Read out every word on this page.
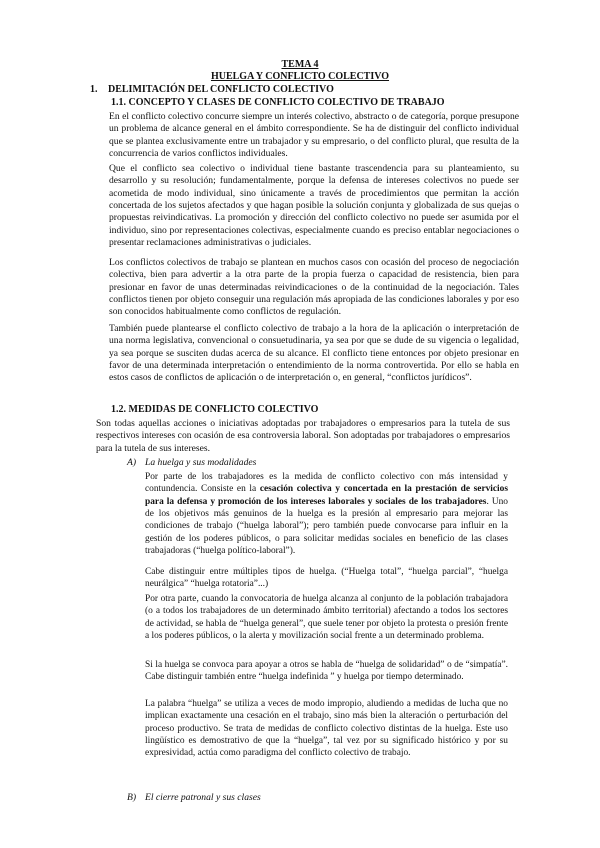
TEMA 4
HUELGA Y CONFLICTO COLECTIVO
1. DELIMITACIÓN DEL CONFLICTO COLECTIVO
1.1. CONCEPTO Y CLASES DE CONFLICTO COLECTIVO DE TRABAJO
En el conflicto colectivo concurre siempre un interés colectivo, abstracto o de categoría, porque presupone un problema de alcance general en el ámbito correspondiente. Se ha de distinguir del conflicto individual que se plantea exclusivamente entre un trabajador y su empresario, o del conflicto plural, que resulta de la concurrencia de varios conflictos individuales.
Que el conflicto sea colectivo o individual tiene bastante trascendencia para su planteamiento, su desarrollo y su resolución; fundamentalmente, porque la defensa de intereses colectivos no puede ser acometida de modo individual, sino únicamente a través de procedimientos que permitan la acción concertada de los sujetos afectados y que hagan posible la solución conjunta y globalizada de sus quejas o propuestas reivindicativas. La promoción y dirección del conflicto colectivo no puede ser asumida por el individuo, sino por representaciones colectivas, especialmente cuando es preciso entablar negociaciones o presentar reclamaciones administrativas o judiciales.
Los conflictos colectivos de trabajo se plantean en muchos casos con ocasión del proceso de negociación colectiva, bien para advertir a la otra parte de la propia fuerza o capacidad de resistencia, bien para presionar en favor de unas determinadas reivindicaciones o de la continuidad de la negociación. Tales conflictos tienen por objeto conseguir una regulación más apropiada de las condiciones laborales y por eso son conocidos habitualmente como conflictos de regulación.
También puede plantearse el conflicto colectivo de trabajo a la hora de la aplicación o interpretación de una norma legislativa, convencional o consuetudinaria, ya sea por que se dude de su vigencia o legalidad, ya sea porque se susciten dudas acerca de su alcance. El conflicto tiene entonces por objeto presionar en favor de una determinada interpretación o entendimiento de la norma controvertida. Por ello se habla en estos casos de conflictos de aplicación o de interpretación o, en general, “conflictos jurídicos”.
1.2. MEDIDAS DE CONFLICTO COLECTIVO
Son todas aquellas acciones o iniciativas adoptadas por trabajadores o empresarios para la tutela de sus respectivos intereses con ocasión de esa controversia laboral. Son adoptadas por trabajadores o empresarios para la tutela de sus intereses.
A) La huelga y sus modalidades
Por parte de los trabajadores es la medida de conflicto colectivo con más intensidad y contundencia. Consiste en la cesación colectiva y concertada en la prestación de servicios para la defensa y promoción de los intereses laborales y sociales de los trabajadores. Uno de los objetivos más genuinos de la huelga es la presión al empresario para mejorar las condiciones de trabajo (“huelga laboral”); pero también puede convocarse para influir en la gestión de los poderes públicos, o para solicitar medidas sociales en beneficio de las clases trabajadoras (“huelga político-laboral”).
Cabe distinguir entre múltiples tipos de huelga. (“Huelga total”, “huelga parcial”, “huelga neurálgica” “huelga rotatoria”...)
Por otra parte, cuando la convocatoria de huelga alcanza al conjunto de la población trabajadora (o a todos los trabajadores de un determinado ámbito territorial) afectando a todos los sectores de actividad, se habla de “huelga general”, que suele tener por objeto la protesta o presión frente a los poderes públicos, o la alerta y movilización social frente a un determinado problema.
Si la huelga se convoca para apoyar a otros se habla de “huelga de solidaridad” o de “simpatía”. Cabe distinguir también entre “huelga indefinida ” y huelga por tiempo determinado.
La palabra “huelga” se utiliza a veces de modo impropio, aludiendo a medidas de lucha que no implican exactamente una cesación en el trabajo, sino más bien la alteración o perturbación del proceso productivo. Se trata de medidas de conflicto colectivo distintas de la huelga. Este uso lingüístico es demostrativo de que la “huelga”, tal vez por su significado histórico y por su expresividad, actúa como paradigma del conflicto colectivo de trabajo.
B) El cierre patronal y sus clases
